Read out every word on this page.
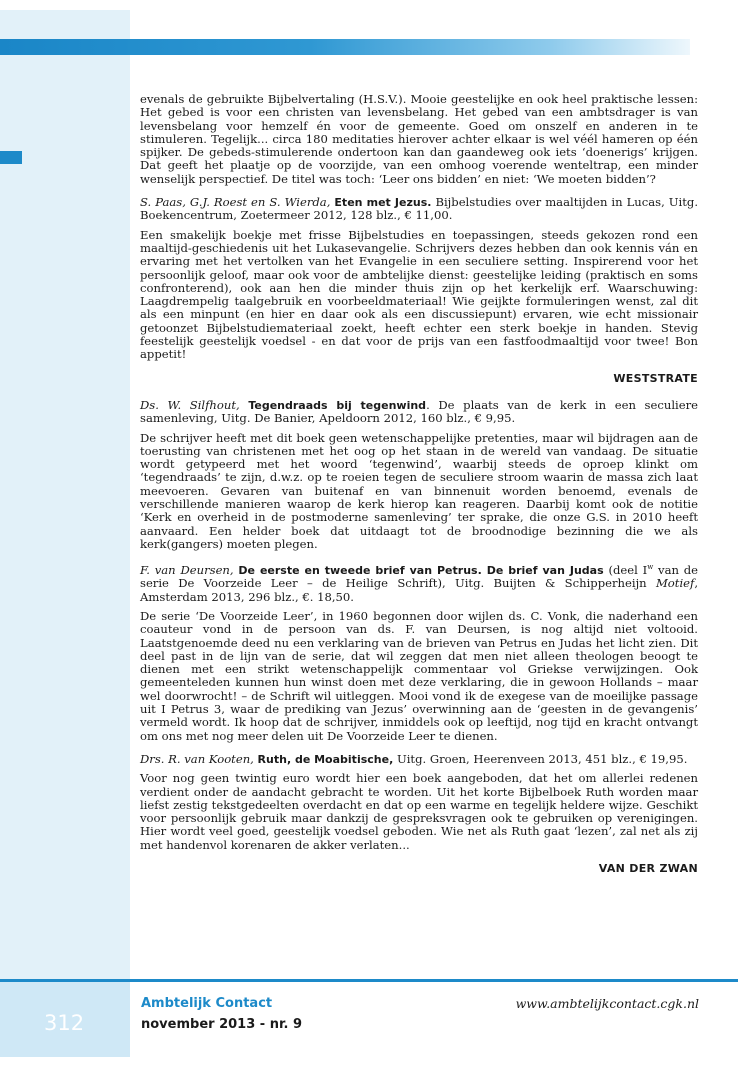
evenals de gebruikte Bijbelvertaling (H.S.V.). Mooie geestelijke en ook heel praktische lessen: Het gebed is voor een christen van levensbelang. Het gebed van een ambtsdrager is van levensbelang voor hemzelf én voor de gemeente. Goed om onszelf en anderen in te stimuleren. Tegelijk... circa 180 meditaties hierover achter elkaar is wel véél hameren op één spijker. De gebeds-stimulerende ondertoon kan dan gaandeweg ook iets ‘doenerigs’ krijgen. Dat geeft het plaatje op de voorzijde, van een omhoog voerende wenteltrap, een minder wenselijk perspectief. De titel was toch: ‘Leer ons bidden’ en niet: ‘We moeten bidden’?

S. Paas, G.J. Roest en S. Wierda, Eten met Jezus. Bijbelstudies over maaltijden in Lucas, Uitg. Boekencentrum, Zoetermeer 2012, 128 blz., € 11,00.

Een smakelijk boekje met frisse Bijbelstudies en toepassingen, steeds gekozen rond een maaltijd-geschiedenis uit het Lukasevangelie. Schrijvers dezes hebben dan ook kennis ván en ervaring met het vertolken van het Evangelie in een seculiere setting. Inspirerend voor het persoonlijk geloof, maar ook voor de ambtelijke dienst: geestelijke leiding (praktisch en soms confronterend), ook aan hen die minder thuis zijn op het kerkelijk erf. Waarschuwing: Laagdrempelig taalgebruik en voorbeeldmateriaal! Wie geijkte formuleringen wenst, zal dit als een minpunt (en hier en daar ook als een discussiepunt) ervaren, wie echt missionair getoonzet Bijbelstudiemateriaal zoekt, heeft echter een sterk boekje in handen. Stevig feestelijk geestelijk voedsel - en dat voor de prijs van een fastfoodmaaltijd voor twee! Bon appetit!

WESTSTRATE

Ds. W. Silfhout, Tegendraads bij tegenwind. De plaats van de kerk in een seculiere samenleving, Uitg. De Banier, Apeldoorn 2012, 160 blz., € 9,95.

De schrijver heeft met dit boek geen wetenschappelijke pretenties, maar wil bijdragen aan de toerusting van christenen met het oog op het staan in de wereld van vandaag. De situatie wordt getypeerd met het woord ‘tegenwind’, waarbij steeds de oproep klinkt om ‘tegendraads’ te zijn, d.w.z. op te roeien tegen de seculiere stroom waarin de massa zich laat meevoeren. Gevaren van buitenaf en van binnenuit worden benoemd, evenals de verschillende manieren waarop de kerk hierop kan reageren. Daarbij komt ook de notitie ‘Kerk en overheid in de postmoderne samenleving’ ter sprake, die onze G.S. in 2010 heeft aanvaard. Een helder boek dat uitdaagt tot de broodnodige bezinning die we als kerk(gangers) moeten plegen.

F. van Deursen, De eerste en tweede brief van Petrus. De brief van Judas (deel $I^w$ van de serie De Voorzeide Leer – de Heilige Schrift), Uitg. Buijten & Schipperheijn Motief, Amsterdam 2013, 296 blz., €. 18,50.

De serie ‘De Voorzeide Leer’, in 1960 begonnen door wijlen ds. C. Vonk, die naderhand een coauteur vond in de persoon van ds. F. van Deursen, is nog altijd niet voltooid. Laatstgenoemde deed nu een verklaring van de brieven van Petrus en Judas het licht zien. Dit deel past in de lijn van de serie, dat wil zeggen dat men niet alleen theologen beoogt te dienen met een strikt wetenschappelijk commentaar vol Griekse verwijzingen. Ook gemeenteleden kunnen hun winst doen met deze verklaring, die in gewoon Hollands – maar wel doorwrocht! – de Schrift wil uitleggen. Mooi vond ik de exegese van de moeilijke passage uit I Petrus 3, waar de prediking van Jezus’ overwinning aan de ‘geesten in de gevangenis’ vermeld wordt. Ik hoop dat de schrijver, inmiddels ook op leeftijd, nog tijd en kracht ontvangt om ons met nog meer delen uit De Voorzeide Leer te dienen.

Drs. R. van Kooten, Ruth, de Moabitische, Uitg. Groen, Heerenveen 2013, 451 blz., € 19,95.

Voor nog geen twintig euro wordt hier een boek aangeboden, dat het om allerlei redenen verdient onder de aandacht gebracht te worden. Uit het korte Bijbelboek Ruth worden maar liefst zestig tekstgedeelten overdacht en dat op een warme en tegelijk heldere wijze. Geschikt voor persoonlijk gebruik maar dankzij de gespreksvragen ook te gebruiken op verenigingen. Hier wordt veel goed, geestelijk voedsel geboden. Wie net als Ruth gaat ‘lezen’, zal net als zij met handenvol korenaren de akker verlaten...

VAN DER ZWAN

312
Ambtelijk Contact
november 2013 - nr. 9
www.ambtelijkcontact.cgk.nl
